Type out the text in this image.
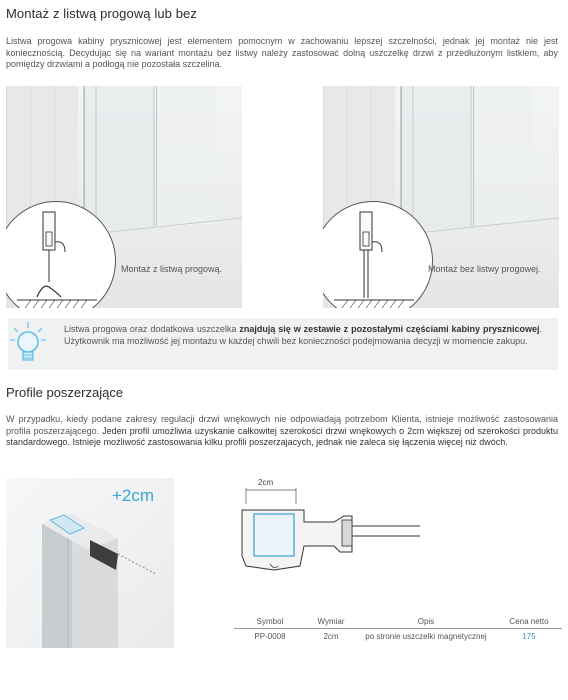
Montaż z listwą progową lub bez
Listwa progowa kabiny prysznicowej jest elementem pomocnym w zachowaniu lepszej szczelności, jednak jej montaż nie jest koniecznością. Decydując się na wariant montażu bez listwy należy zastosować dolną uszczelkę drzwi z przedłużonym listkiem, aby pomiędzy drzwiami a podłogą nie pozostała szczelina.
Montaż z listwą progową.	Montaż bez listwy progowej.
Listwa progowa oraz dodatkowa uszczelka znajdują się w zestawie z pozostałymi częściami kabiny prysznicowej. Użytkownik ma możliwość jej montażu w każdej chwili bez konieczności podejmowania decyzji w momencie zakupu.
Profile poszerzające
W przypadku, kiedy podane zakresy regulacji drzwi wnękowych nie odpowiadają potrzebom Klienta, istnieje możliwość zastosowania profila poszerzającego. Jeden profil umożliwia uzyskanie całkowitej szerokości drzwi wnękowych o 2cm większej od szerokości produktu standardowego. Istnieje możliwość zastosowania kilku profili poszerzajacych, jednak nie zaleca się łączenia więcej niż dwóch.
+2cm
2cm
Symbol	Wymiar	Opis	Cena netto
PP-0008	2cm	po stronie uszczelki magnetycznej	175
